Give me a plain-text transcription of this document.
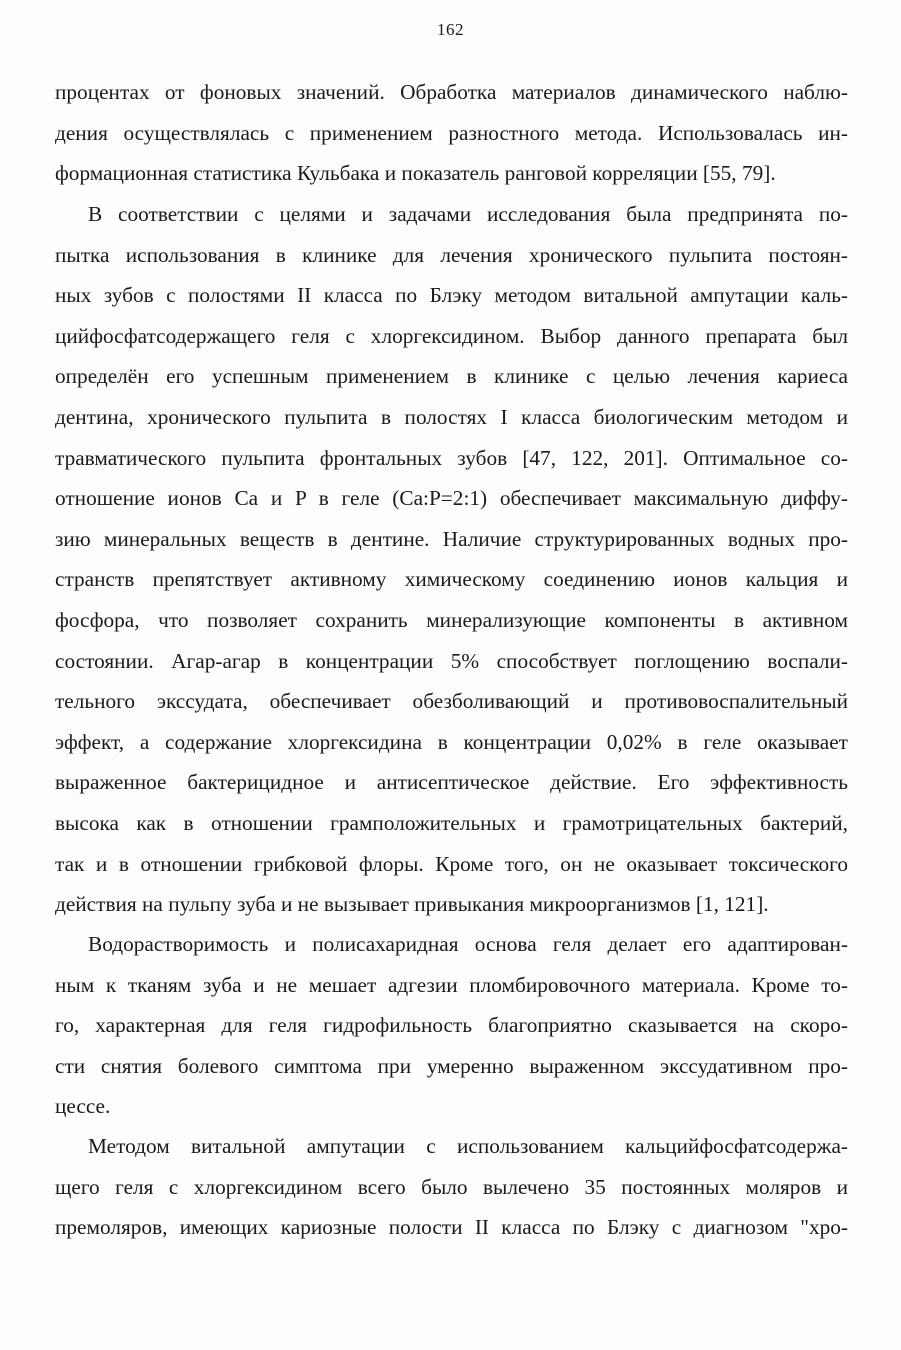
162
процентах от фоновых значений. Обработка материалов динамического наблю-
дения осуществлялась с применением разностного метода. Использовалась ин-
формационная статистика Кульбака и показатель ранговой корреляции [55, 79].
В соответствии с целями и задачами исследования была предпринята по-
пытка использования в клинике для лечения хронического пульпита постоян-
ных зубов с полостями II класса по Блэку методом витальной ампутации каль-
цийфосфатсодержащего геля с хлоргексидином. Выбор данного препарата был
определён его успешным применением в клинике с целью лечения кариеса
дентина, хронического пульпита в полостях I класса биологическим методом и
травматического пульпита фронтальных зубов [47, 122, 201]. Оптимальное со-
отношение ионов Ca и P в геле (Ca:P=2:1) обеспечивает максимальную диффу-
зию минеральных веществ в дентине. Наличие структурированных водных про-
странств препятствует активному химическому соединению ионов кальция и
фосфора, что позволяет сохранить минерализующие компоненты в активном
состоянии. Агар-агар в концентрации 5% способствует поглощению воспали-
тельного экссудата, обеспечивает обезболивающий и противовоспалительный
эффект, а содержание хлоргексидина в концентрации 0,02% в геле оказывает
выраженное бактерицидное и антисептическое действие. Его эффективность
высока как в отношении грамположительных и грамотрицательных бактерий,
так и в отношении грибковой флоры. Кроме того, он не оказывает токсического
действия на пульпу зуба и не вызывает привыкания микроорганизмов [1, 121].
Водорастворимость и полисахаридная основа геля делает его адаптирован-
ным к тканям зуба и не мешает адгезии пломбировочного материала. Кроме то-
го, характерная для геля гидрофильность благоприятно сказывается на скоро-
сти снятия болевого симптома при умеренно выраженном экссудативном про-
цессе.
Методом витальной ампутации с использованием кальцийфосфатсодержа-
щего геля с хлоргексидином всего было вылечено 35 постоянных моляров и
премоляров, имеющих кариозные полости II класса по Блэку с диагнозом "хро-
